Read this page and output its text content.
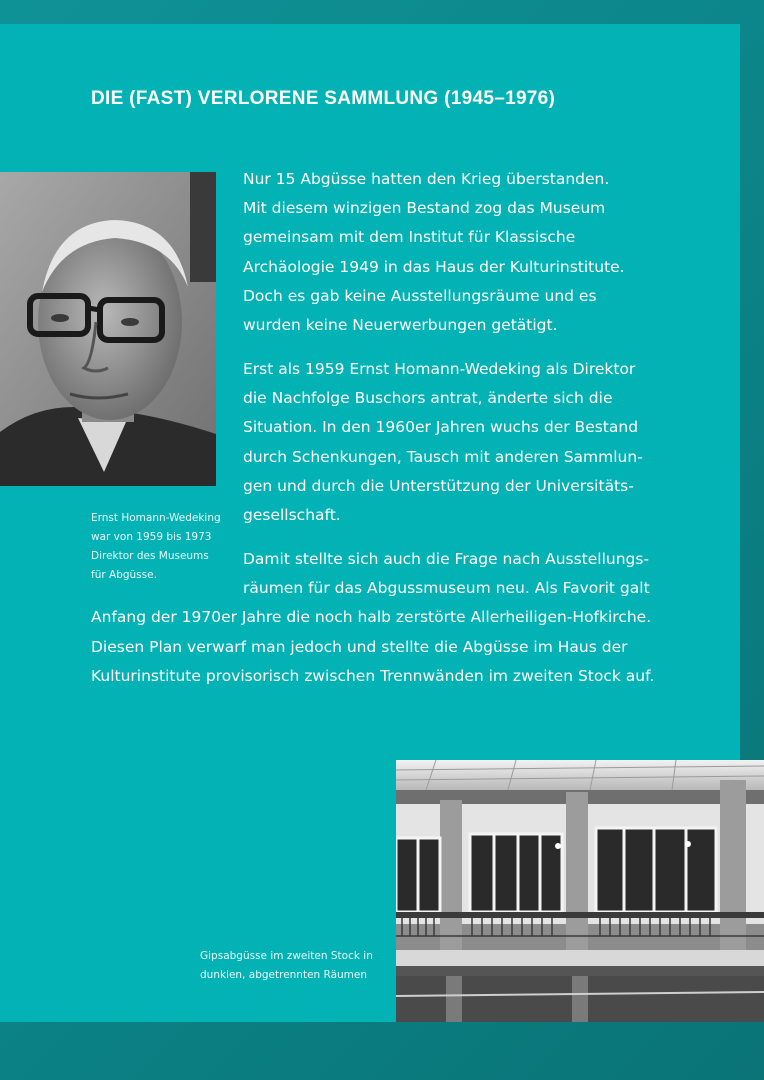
DIE (FAST) VERLORENE SAMMLUNG (1945–1976)
Ernst Homann-Wedeking
war von 1959 bis 1973
Direktor des Museums
für Abgüsse.
Nur 15 Abgüsse hatten den Krieg überstanden.
Mit diesem winzigen Bestand zog das Museum
gemeinsam mit dem Institut für Klassische
Archäologie 1949 in das Haus der Kulturinstitute.
Doch es gab keine Ausstellungsräume und es
wurden keine Neuerwerbungen getätigt.
Erst als 1959 Ernst Homann-Wedeking als Direktor
die Nachfolge Buschors antrat, änderte sich die
Situation. In den 1960er Jahren wuchs der Bestand
durch Schenkungen, Tausch mit anderen Sammlun-
gen und durch die Unterstützung der Universitäts-
gesellschaft.
Damit stellte sich auch die Frage nach Ausstellungs-
räumen für das Abgussmuseum neu. Als Favorit galt
Anfang der 1970er Jahre die noch halb zerstörte Allerheiligen-Hofkirche.
Diesen Plan verwarf man jedoch und stellte die Abgüsse im Haus der
Kulturinstitute provisorisch zwischen Trennwänden im zweiten Stock auf.
Gipsabgüsse im zweiten Stock in
dunklen, abgetrennten Räumen
